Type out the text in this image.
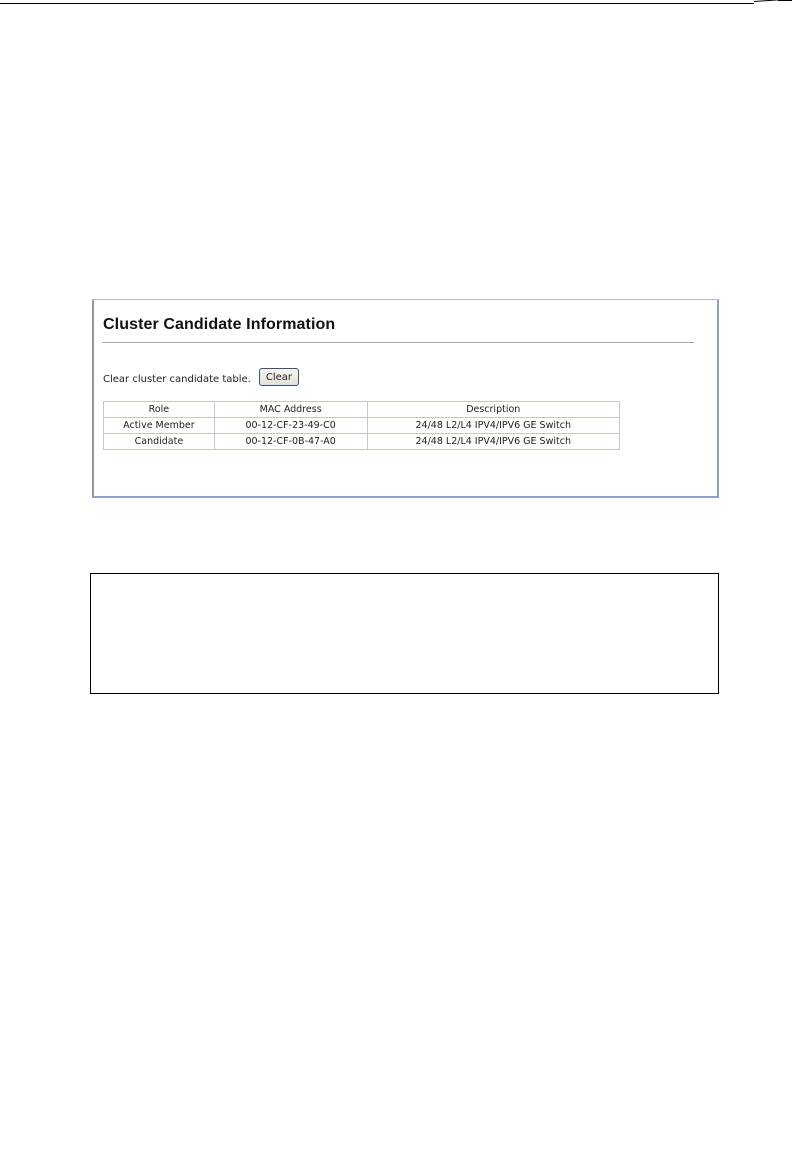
Cluster Candidate Information
Clear cluster candidate table.	Clear
Role	MAC Address	Description
Active Member	00-12-CF-23-49-C0	24/48 L2/L4 IPV4/IPV6 GE Switch
Candidate	00-12-CF-0B-47-A0	24/48 L2/L4 IPV4/IPV6 GE Switch
